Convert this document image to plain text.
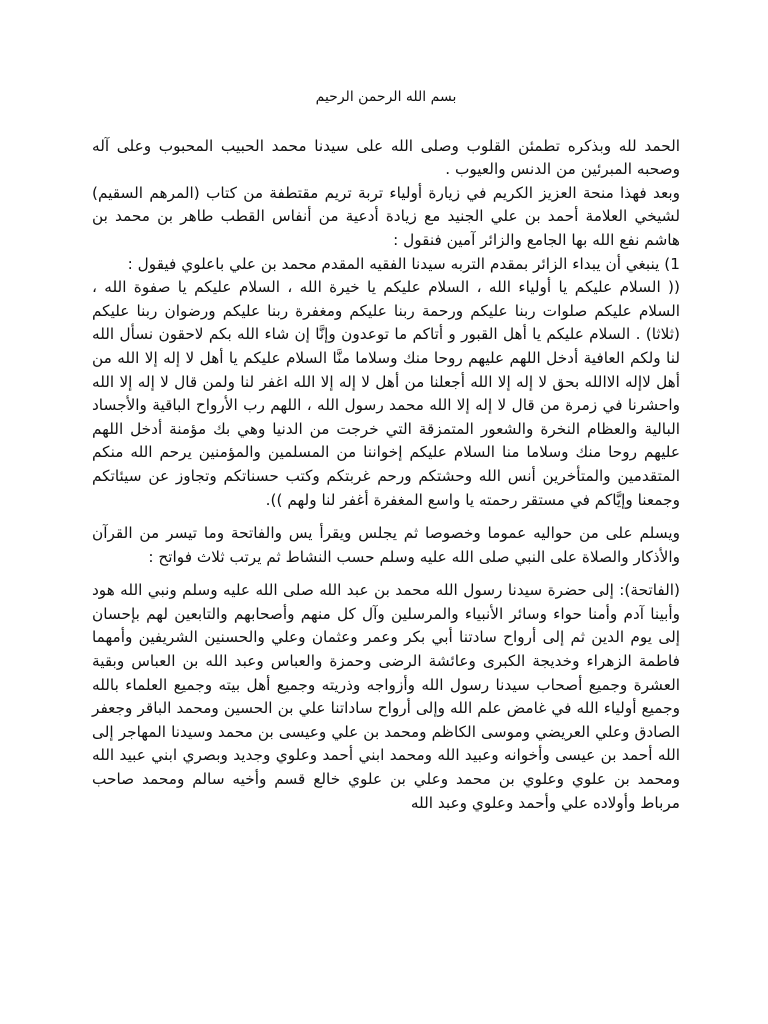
بسم الله الرحمن الرحيم

الحمد لله وبذكره تطمئن القلوب وصلى الله على سيدنا محمد الحبيب المحبوب وعلى آله وصحبه المبرئين من الدنس والعيوب .

وبعد فهذا منحة العزيز الكريم في زيارة أولياء تربة تريم مقتطفة من كتاب (المرهم السقيم) لشيخي العلامة أحمد بن علي الجنيد مع زيادة أدعية من أنفاس القطب طاهر بن محمد بن هاشم نفع الله بها الجامع والزائر آمين فنقول :

1) ينبغي أن يبداء الزائر بمقدم التربه سيدنا الفقيه المقدم محمد بن علي باعلوي فيقول :

(( السلام عليكم يا أولياء الله ، السلام عليكم يا خيرة الله ، السلام عليكم يا صفوة الله ، السلام عليكم صلوات ربنا عليكم ورحمة ربنا عليكم ومغفرة ربنا عليكم ورضوان ربنا عليكم (ثلاثا) . السلام عليكم يا أهل القبور و أتاكم ما توعدون وإنَّا إن شاء الله بكم لاحقون نسأل الله لنا ولكم العافية أدخل اللهم عليهم روحا منك وسلاما منَّا السلام عليكم يا أهل لا إله إلا الله من أهل لاإله الاالله بحق لا إله إلا الله أجعلنا من أهل لا إله إلا الله اغفر لنا ولمن قال لا إله إلا الله واحشرنا في زمرة من قال لا إله إلا الله محمد رسول الله ، اللهم رب الأرواح الباقية والأجساد البالية والعظام النخرة والشعور المتمزقة التي خرجت من الدنيا وهي بك مؤمنة أدخل اللهم عليهم روحا منك وسلاما منا السلام عليكم إخواننا من المسلمين والمؤمنين يرحم الله منكم المتقدمين والمتأخرين أنس الله وحشتكم ورحم غربتكم وكتب حسناتكم وتجاوز عن سيئاتكم وجمعنا وإيَّاكم في مستقر رحمته يا واسع المغفرة أغفر لنا ولهم )).

ويسلم على من حواليه عموما وخصوصا ثم يجلس ويقرأ يس والفاتحة وما تيسر من القرآن والأذكار والصلاة على النبي صلى الله عليه وسلم حسب النشاط ثم يرتب ثلاث فواتح :

(الفاتحة): إلى حضرة سيدنا رسول الله محمد بن عبد الله صلى الله عليه وسلم ونبي الله هود وأبينا آدم وأمنا حواء وسائر الأنبياء والمرسلين وآل كل منهم وأصحابهم والتابعين لهم بإحسان إلى يوم الدين ثم إلى أرواح سادتنا أبي بكر وعمر وعثمان وعلي والحسنين الشريفين وأمهما فاطمة الزهراء وخديجة الكبرى وعائشة الرضى وحمزة والعباس وعبد الله بن العباس وبقية العشرة وجميع أصحاب سيدنا رسول الله وأزواجه وذريته وجميع أهل بيته وجميع العلماء بالله وجميع أولياء الله في غامض علم الله وإلى أرواح ساداتنا علي بن الحسين ومحمد الباقر وجعفر الصادق وعلي العريضي وموسى الكاظم ومحمد بن علي وعيسى بن محمد وسيدنا المهاجر إلى الله أحمد بن عيسى وأخوانه وعبيد الله ومحمد ابني أحمد وعلوي وجديد وبصري ابني عبيد الله ومحمد بن علوي وعلوي بن محمد وعلي بن علوي خالع قسم وأخيه سالم ومحمد صاحب مرباط وأولاده علي وأحمد وعلوي وعبد الله
